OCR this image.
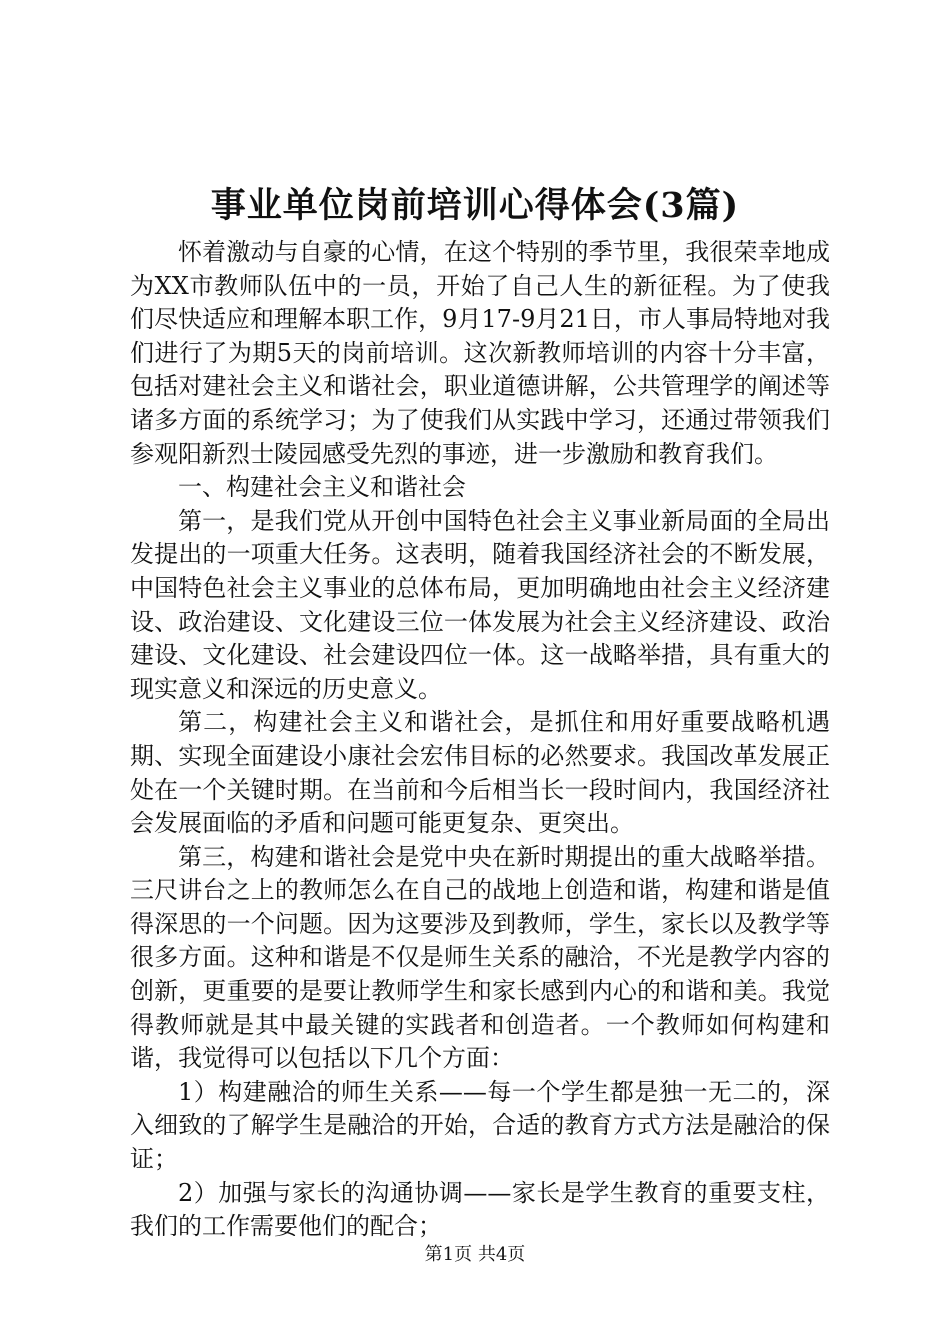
事业单位岗前培训心得体会(3篇)

怀着激动与自豪的心情，在这个特别的季节里，我很荣幸地成为XX市教师队伍中的一员，开始了自己人生的新征程。为了使我们尽快适应和理解本职工作，9月17-9月21日，市人事局特地对我们进行了为期5天的岗前培训。这次新教师培训的内容十分丰富，包括对建社会主义和谐社会，职业道德讲解，公共管理学的阐述等诸多方面的系统学习；为了使我们从实践中学习，还通过带领我们参观阳新烈士陵园感受先烈的事迹，进一步激励和教育我们。

一、构建社会主义和谐社会

第一，是我们党从开创中国特色社会主义事业新局面的全局出发提出的一项重大任务。这表明，随着我国经济社会的不断发展，中国特色社会主义事业的总体布局，更加明确地由社会主义经济建设、政治建设、文化建设三位一体发展为社会主义经济建设、政治建设、文化建设、社会建设四位一体。这一战略举措，具有重大的现实意义和深远的历史意义。

第二，构建社会主义和谐社会，是抓住和用好重要战略机遇期、实现全面建设小康社会宏伟目标的必然要求。我国改革发展正处在一个关键时期。在当前和今后相当长一段时间内，我国经济社会发展面临的矛盾和问题可能更复杂、更突出。

第三，构建和谐社会是党中央在新时期提出的重大战略举措。三尺讲台之上的教师怎么在自己的战地上创造和谐，构建和谐是值得深思的一个问题。因为这要涉及到教师，学生，家长以及教学等很多方面。这种和谐是不仅是师生关系的融洽，不光是教学内容的创新，更重要的是要让教师学生和家长感到内心的和谐和美。我觉得教师就是其中最关键的实践者和创造者。一个教师如何构建和谐，我觉得可以包括以下几个方面：

1）构建融洽的师生关系——每一个学生都是独一无二的，深入细致的了解学生是融洽的开始，合适的教育方式方法是融洽的保证；

2）加强与家长的沟通协调——家长是学生教育的重要支柱，我们的工作需要他们的配合；

第1页 共4页
